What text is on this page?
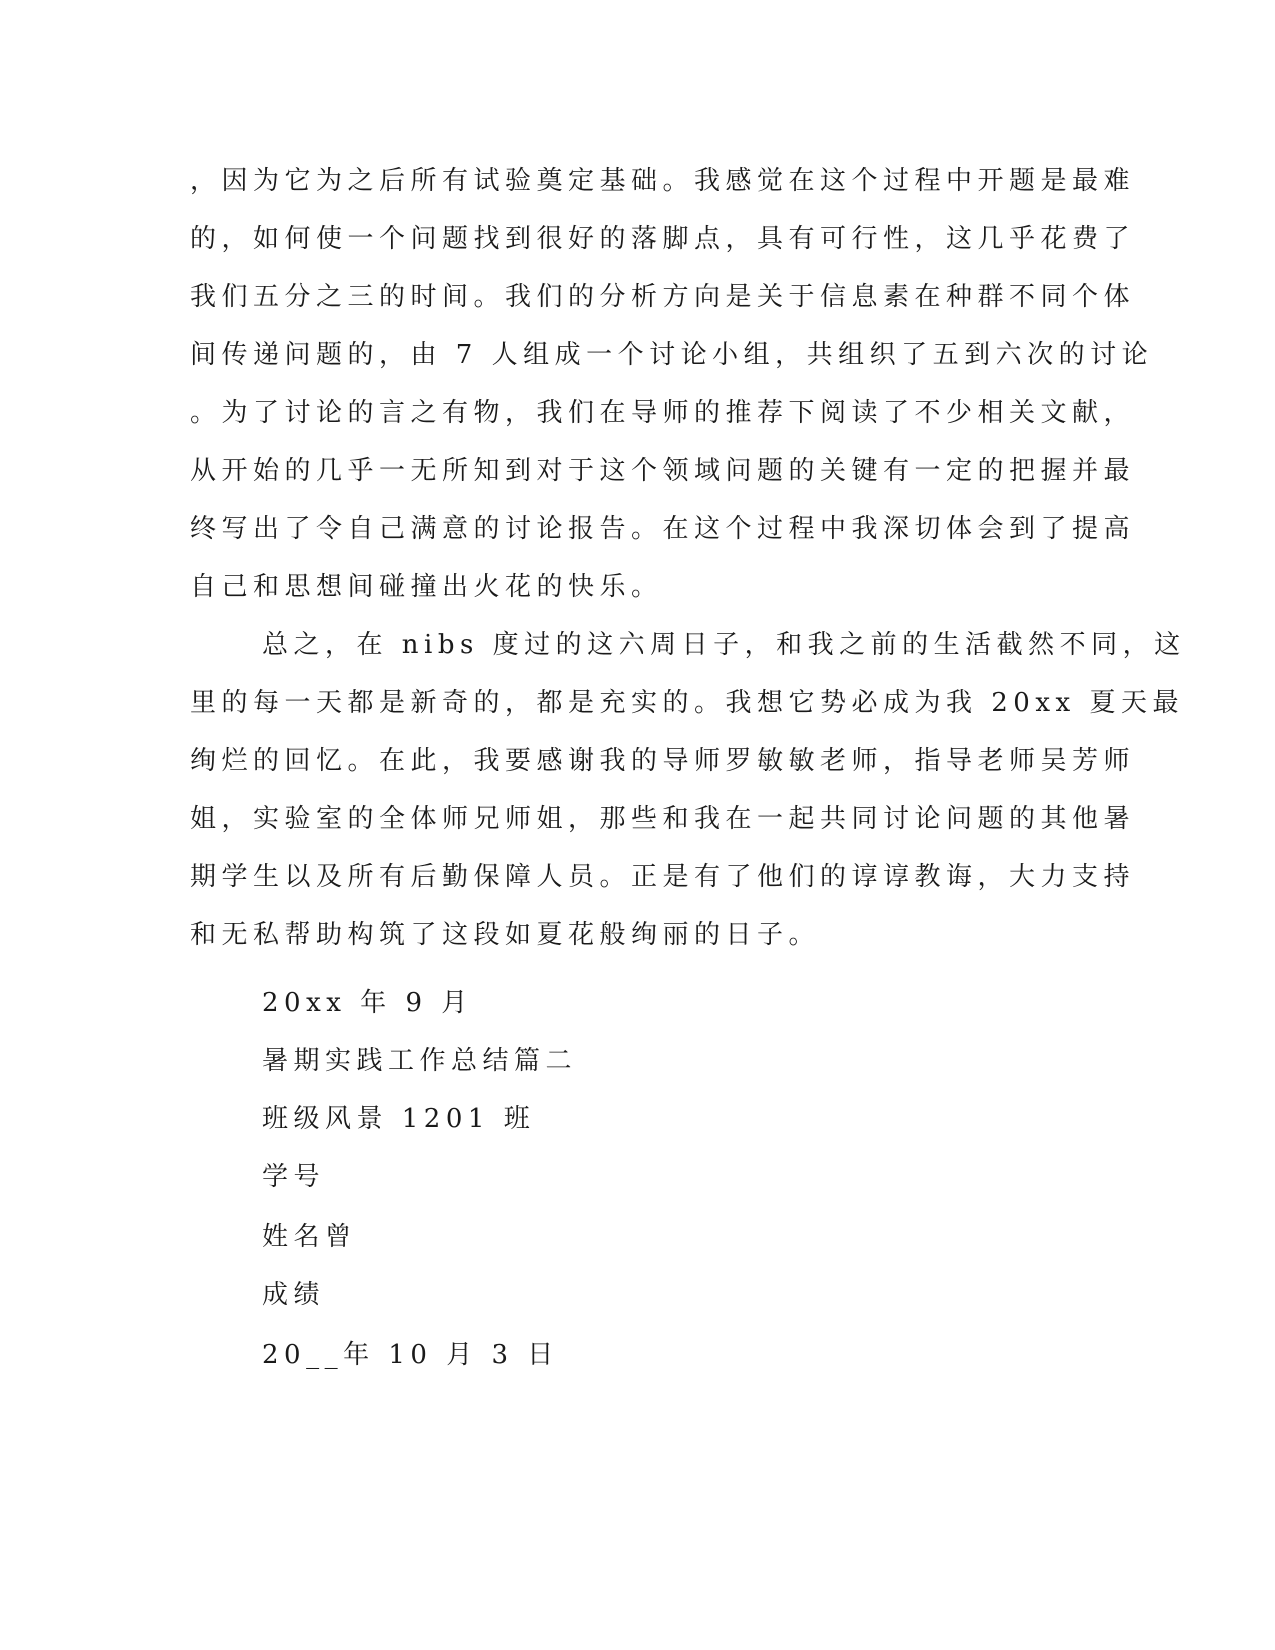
，因为它为之后所有试验奠定基础。我感觉在这个过程中开题是最难
的，如何使一个问题找到很好的落脚点，具有可行性，这几乎花费了
我们五分之三的时间。我们的分析方向是关于信息素在种群不同个体
间传递问题的，由 7 人组成一个讨论小组，共组织了五到六次的讨论
。为了讨论的言之有物，我们在导师的推荐下阅读了不少相关文献，
从开始的几乎一无所知到对于这个领域问题的关键有一定的把握并最
终写出了令自己满意的讨论报告。在这个过程中我深切体会到了提高
自己和思想间碰撞出火花的快乐。
总之，在 nibs 度过的这六周日子，和我之前的生活截然不同，这
里的每一天都是新奇的，都是充实的。我想它势必成为我 20xx 夏天最
绚烂的回忆。在此，我要感谢我的导师罗敏敏老师，指导老师吴芳师
姐，实验室的全体师兄师姐，那些和我在一起共同讨论问题的其他暑
期学生以及所有后勤保障人员。正是有了他们的谆谆教诲，大力支持
和无私帮助构筑了这段如夏花般绚丽的日子。
20xx 年 9 月
暑期实践工作总结篇二
班级风景 1201 班
学号
姓名曾
成绩
20__年 10 月 3 日
